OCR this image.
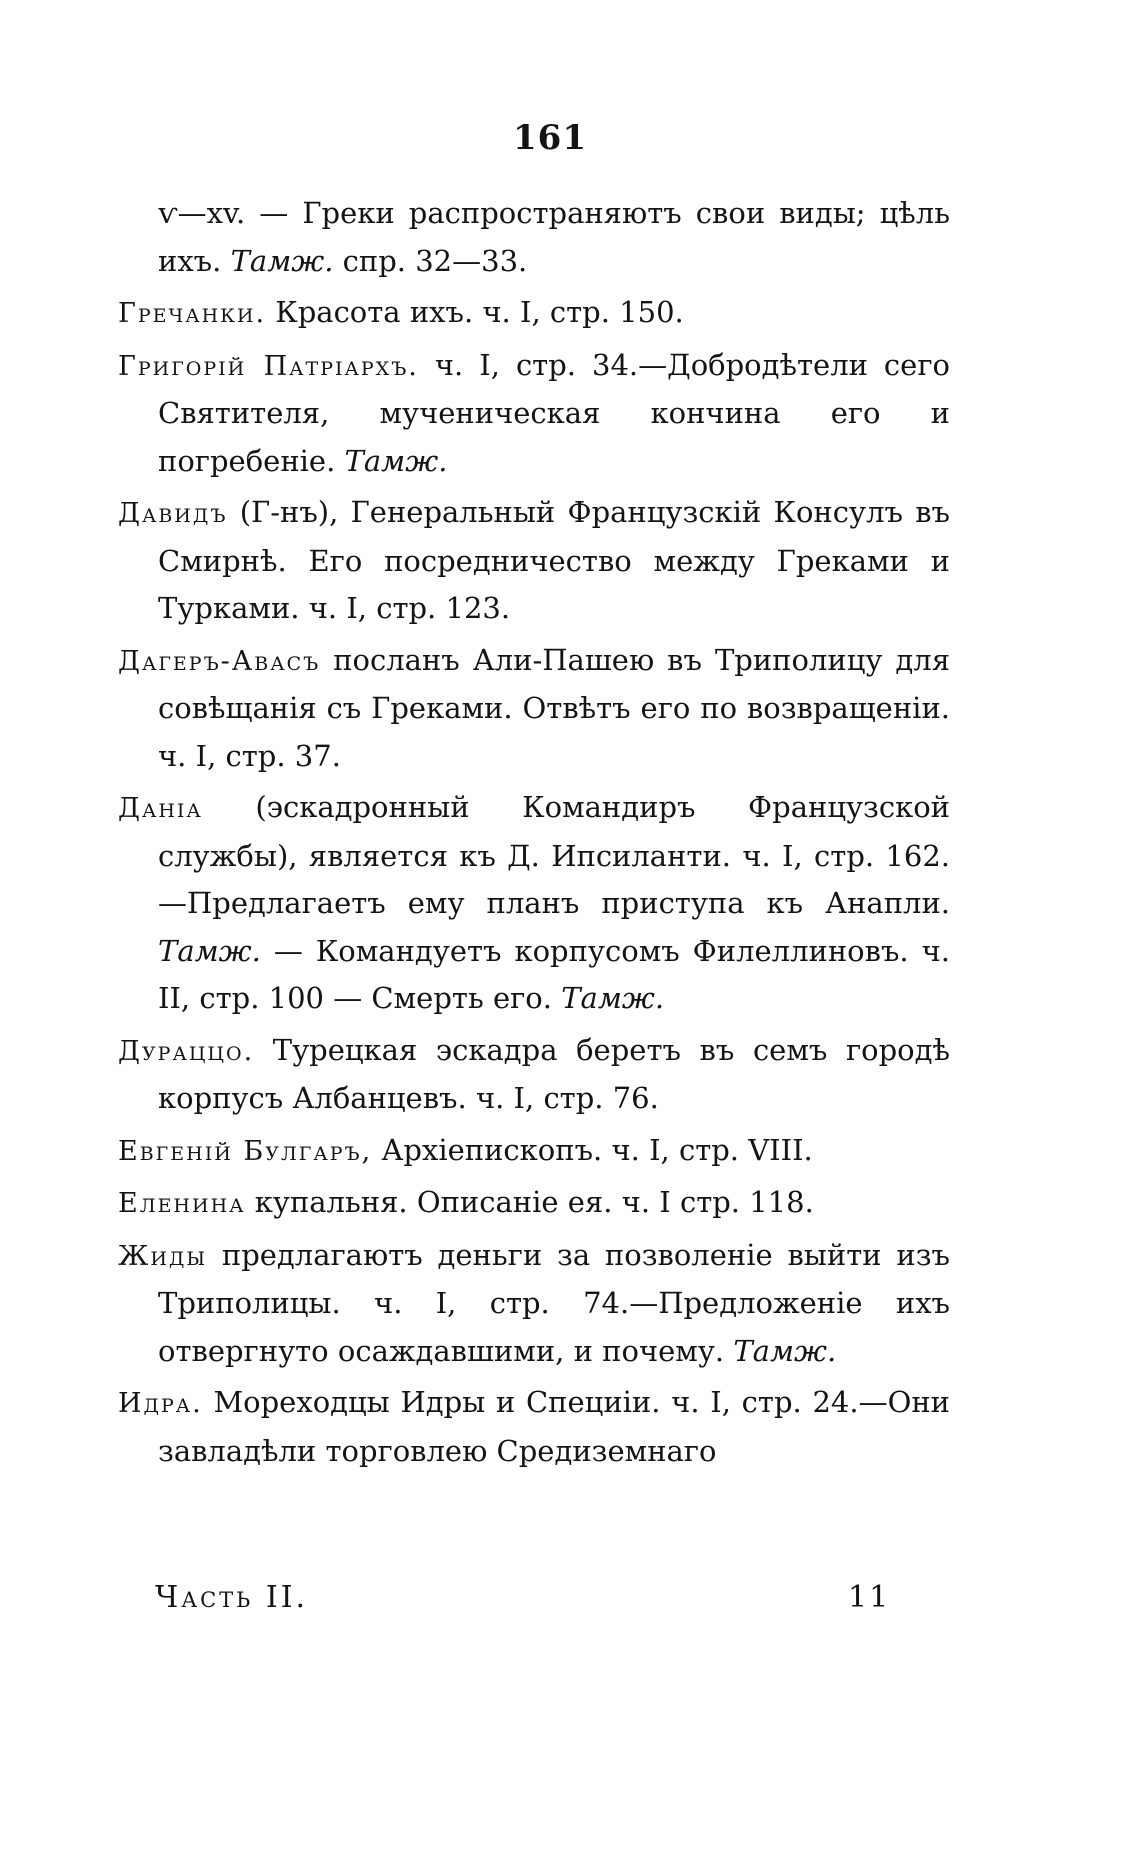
161

ѵ—xv. — Греки распространяютъ свои виды; цѣль ихъ. Тамж. спр. 32—33.

Гречанки. Красота ихъ. ч. I, стр. 150.

Григорій Патріархъ. ч. I, стр. 34.—Добродѣтели сего Святителя, мученическая кончина его и погребеніе. Тамж.

Давидъ (Г-нъ), Генеральный Французскій Консулъ въ Смирнѣ. Его посредничество между Греками и Турками. ч. I, стр. 123.

Дагеръ-Авасъ посланъ Али-Пашею въ Триполицу для совѣщанія съ Греками. Отвѣтъ его по возвращеніи. ч. I, стр. 37.

Даніа (эскадронный Командиръ Французской службы), является къ Д. Ипсиланти. ч. I, стр. 162.—Предлагаетъ ему планъ приступа къ Анапли. Тамж. — Командуетъ корпусомъ Филеллиновъ. ч. II, стр. 100 — Смерть его. Тамж.

Дураццо. Турецкая эскадра беретъ въ семъ городѣ корпусъ Албанцевъ. ч. I, стр. 76.

Евгеній Булгаръ, Архіепископъ. ч. I, стр. VIII.

Еленина купальня. Описаніе ея. ч. I стр. 118.

Жиды предлагаютъ деньги за позволеніе выйти изъ Триполицы. ч. I, стр. 74.—Предложеніе ихъ отвергнуто осаждавшими, и почему. Тамж.

Идра. Мореходцы Идры и Специіи. ч. I, стр. 24.—Они завладѣли торговлею Средиземнаго

Часть II.	11
